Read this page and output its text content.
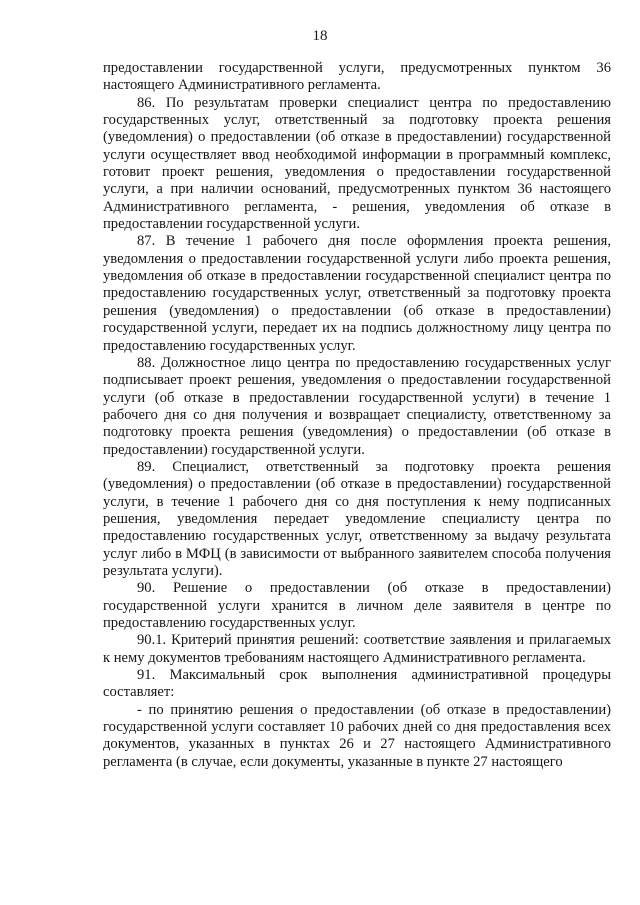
18

предоставлении государственной услуги, предусмотренных пунктом 36 настоящего Административного регламента.

86. По результатам проверки специалист центра по предоставлению государственных услуг, ответственный за подготовку проекта решения (уведомления) о предоставлении (об отказе в предоставлении) государственной услуги осуществляет ввод необходимой информации в программный комплекс, готовит проект решения, уведомления о предоставлении государственной услуги, а при наличии оснований, предусмотренных пунктом 36 настоящего Административного регламента, - решения, уведомления об отказе в предоставлении государственной услуги.

87. В течение 1 рабочего дня после оформления проекта решения, уведомления о предоставлении государственной услуги либо проекта решения, уведомления об отказе в предоставлении государственной специалист центра по предоставлению государственных услуг, ответственный за подготовку проекта решения (уведомления) о предоставлении (об отказе в предоставлении) государственной услуги, передает их на подпись должностному лицу центра по предоставлению государственных услуг.

88. Должностное лицо центра по предоставлению государственных услуг подписывает проект решения, уведомления о предоставлении государственной услуги (об отказе в предоставлении государственной услуги) в течение 1 рабочего дня со дня получения и возвращает специалисту, ответственному за подготовку проекта решения (уведомления) о предоставлении (об отказе в предоставлении) государственной услуги.

89. Специалист, ответственный за подготовку проекта решения (уведомления) о предоставлении (об отказе в предоставлении) государственной услуги, в течение 1 рабочего дня со дня поступления к нему подписанных решения, уведомления передает уведомление специалисту центра по предоставлению государственных услуг, ответственному за выдачу результата услуг либо в МФЦ (в зависимости от выбранного заявителем способа получения результата услуги).

90. Решение о предоставлении (об отказе в предоставлении) государственной услуги хранится в личном деле заявителя в центре по предоставлению государственных услуг.

90.1. Критерий принятия решений: соответствие заявления и прилагаемых к нему документов требованиям настоящего Административного регламента.

91. Максимальный срок выполнения административной процедуры составляет:

- по принятию решения о предоставлении (об отказе в предоставлении) государственной услуги составляет 10 рабочих дней со дня предоставления всех документов, указанных в пунктах 26 и 27 настоящего Административного регламента (в случае, если документы, указанные в пункте 27 настоящего
